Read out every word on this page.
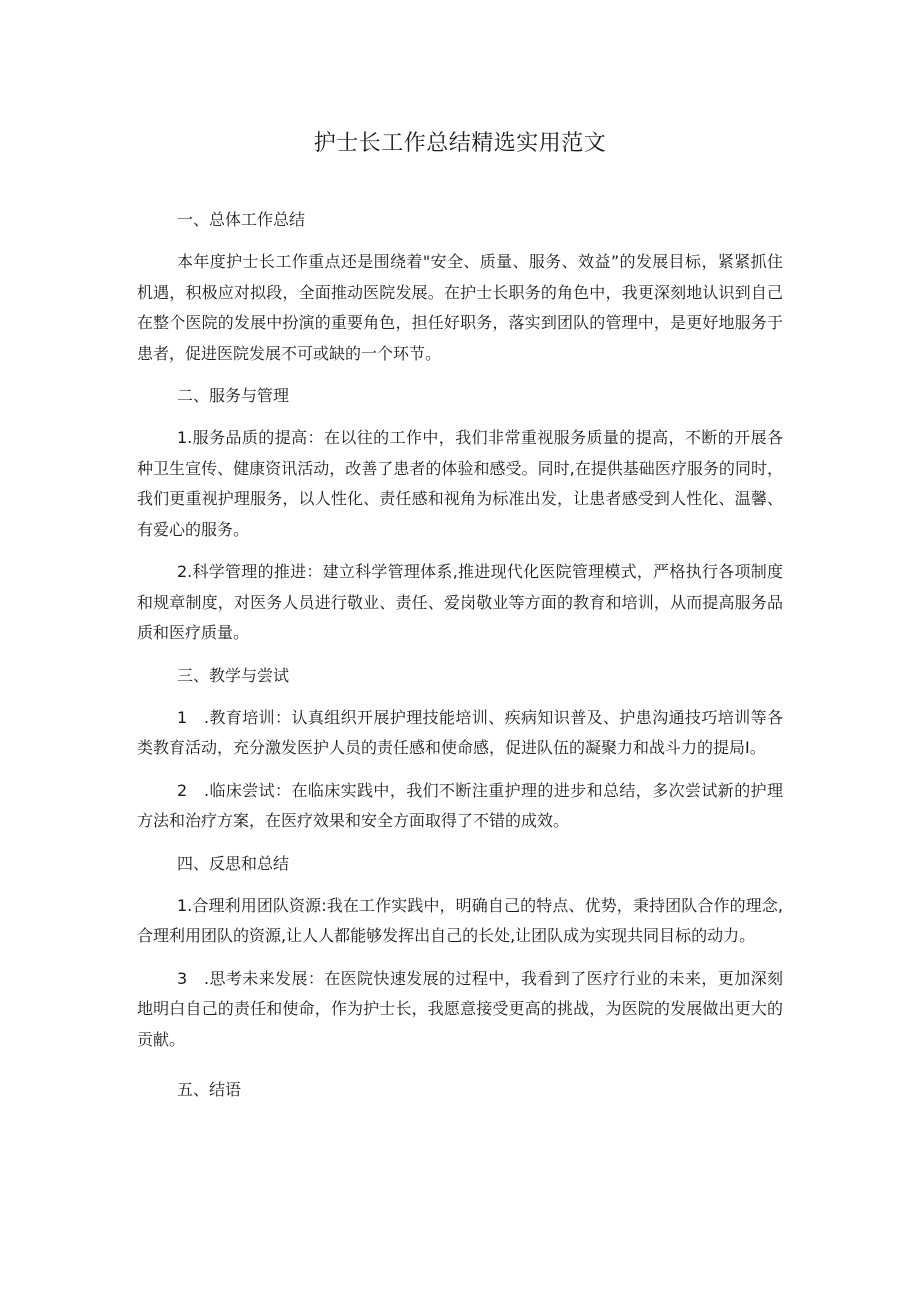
护士长工作总结精选实用范文
一、总体工作总结

本年度护士长工作重点还是围绕着"安全、质量、服务、效益”的发展目标，紧紧抓住机遇，积极应对拟段，全面推动医院发展。在护士长职务的角色中，我更深刻地认识到自己在整个医院的发展中扮演的重要角色，担任好职务，落实到团队的管理中，是更好地服务于患者，促进医院发展不可或缺的一个环节。

二、服务与管理

1.服务品质的提高：在以往的工作中，我们非常重视服务质量的提高，不断的开展各种卫生宣传、健康资讯活动，改善了患者的体验和感受。同时,在提供基础医疗服务的同时，我们更重视护理服务，以人性化、责任感和视角为标准出发，让患者感受到人性化、温馨、有爱心的服务。

2.科学管理的推进：建立科学管理体系,推进现代化医院管理模式，严格执行各项制度和规章制度，对医务人员进行敬业、责任、爱岗敬业等方面的教育和培训，从而提高服务品质和医疗质量。

三、教学与尝试

1　.教育培训：认真组织开展护理技能培训、疾病知识普及、护患沟通技巧培训等各类教育活动，充分激发医护人员的责任感和使命感，促进队伍的凝聚力和战斗力的提局I。

2　.临床尝试：在临床实践中，我们不断注重护理的进步和总结，多次尝试新的护理方法和治疗方案，在医疗效果和安全方面取得了不错的成效。

四、反思和总结

1.合理利用团队资源:我在工作实践中，明确自己的特点、优势，秉持团队合作的理念,合理利用团队的资源,让人人都能够发挥出自己的长处,让团队成为实现共同目标的动力。

3　.思考未来发展：在医院快速发展的过程中，我看到了医疗行业的未来，更加深刻地明白自己的责任和使命，作为护士长，我愿意接受更高的挑战，为医院的发展做出更大的贡献。

五、结语
